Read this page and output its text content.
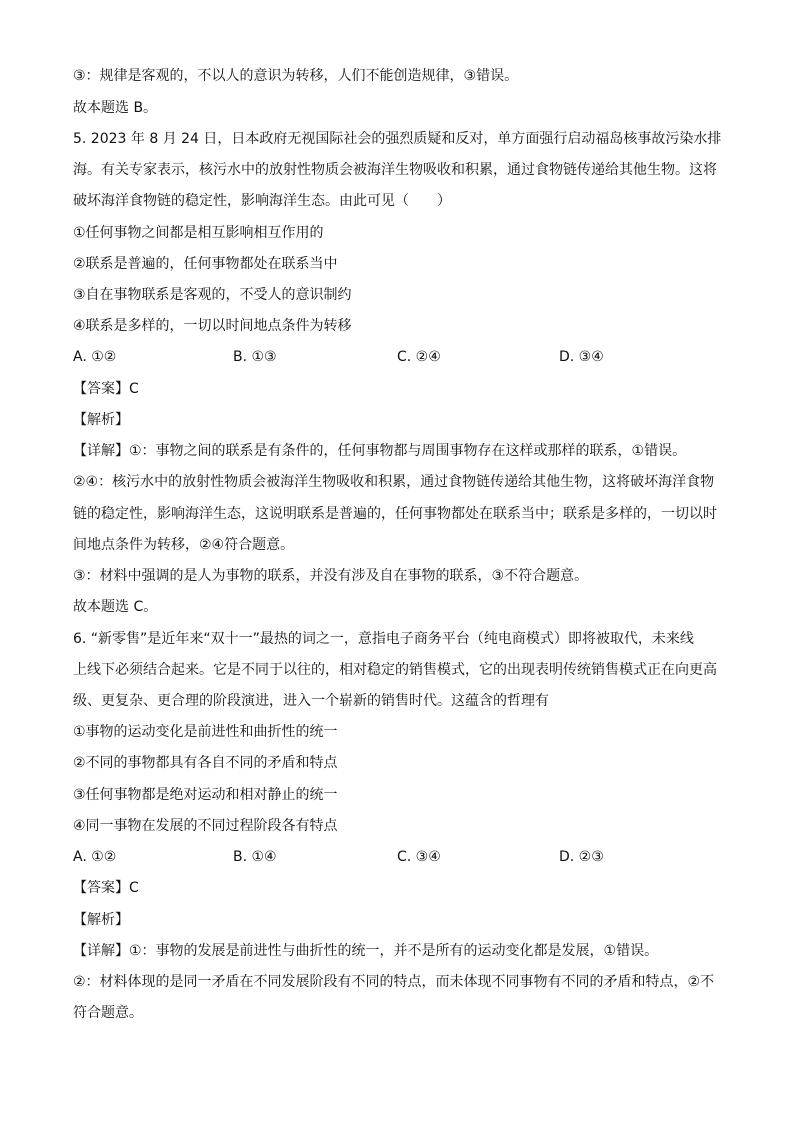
③：规律是客观的，不以人的意识为转移，人们不能创造规律，③错误。
故本题选 B。
5. 2023 年 8 月 24 日，日本政府无视国际社会的强烈质疑和反对，单方面强行启动福岛核事故污染水排
海。有关专家表示，核污水中的放射性物质会被海洋生物吸收和积累，通过食物链传递给其他生物。这将
破坏海洋食物链的稳定性，影响海洋生态。由此可见（　　）
①任何事物之间都是相互影响相互作用的
②联系是普遍的，任何事物都处在联系当中
③自在事物联系是客观的，不受人的意识制约
④联系是多样的，一切以时间地点条件为转移
A. ①②	B. ①③	C. ②④	D. ③④
【答案】C
【解析】
【详解】①：事物之间的联系是有条件的，任何事物都与周围事物存在这样或那样的联系，①错误。
②④：核污水中的放射性物质会被海洋生物吸收和积累，通过食物链传递给其他生物，这将破坏海洋食物
链的稳定性，影响海洋生态，这说明联系是普遍的，任何事物都处在联系当中；联系是多样的，一切以时
间地点条件为转移，②④符合题意。
③：材料中强调的是人为事物的联系，并没有涉及自在事物的联系，③不符合题意。
故本题选 C。
6. “新零售”是近年来“双十一”最热的词之一，意指电子商务平台（纯电商模式）即将被取代，未来线
上线下必须结合起来。它是不同于以往的，相对稳定的销售模式，它的出现表明传统销售模式正在向更高
级、更复杂、更合理的阶段演进，进入一个崭新的销售时代。这蕴含的哲理有
①事物的运动变化是前进性和曲折性的统一
②不同的事物都具有各自不同的矛盾和特点
③任何事物都是绝对运动和相对静止的统一
④同一事物在发展的不同过程阶段各有特点
A. ①②	B. ①④	C. ③④	D. ②③
【答案】C
【解析】
【详解】①：事物的发展是前进性与曲折性的统一，并不是所有的运动变化都是发展，①错误。
②：材料体现的是同一矛盾在不同发展阶段有不同的特点，而未体现不同事物有不同的矛盾和特点，②不
符合题意。
